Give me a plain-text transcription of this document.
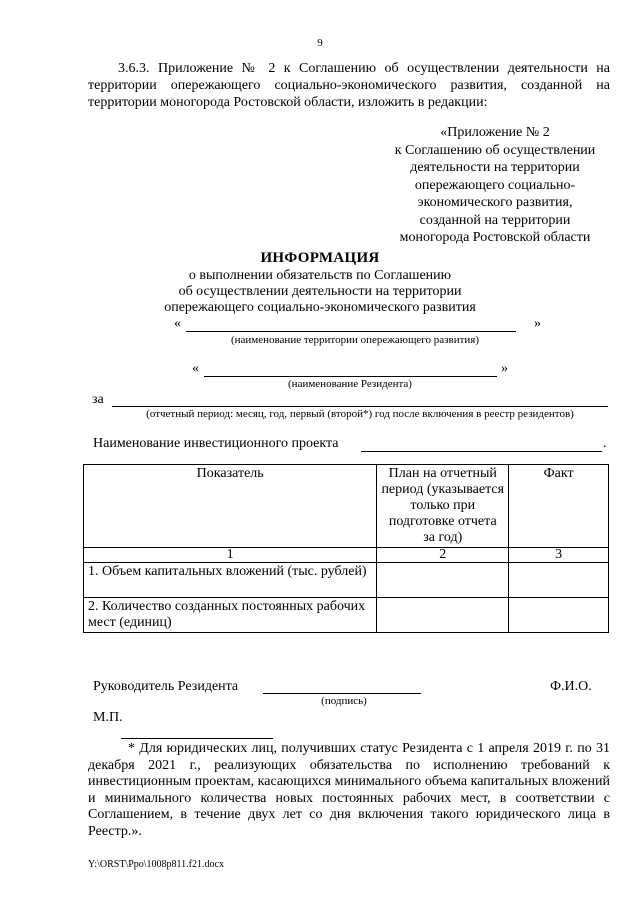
9
3.6.3. Приложение № 2 к Соглашению об осуществлении деятельности на территории опережающего социально-экономического развития, созданной на территории моногорода Ростовской области, изложить в редакции:
«Приложение № 2
к Соглашению об осуществлении
деятельности на территории
опережающего социально-
экономического развития,
созданной на территории
моногорода Ростовской области
ИНФОРМАЦИЯ
о выполнении обязательств по Соглашению
об осуществлении деятельности на территории
опережающего социально-экономического развития
«	»
(наименование территории опережающего развития)
«	»
(наименование Резидента)
за
(отчетный период: месяц, год, первый (второй*) год после включения в реестр резидентов)
Наименование инвестиционного проекта	.
Показатель	План на отчетный период (указывается только при подготовке отчета за год)	Факт
1	2	3
1. Объем капитальных вложений (тыс. рублей)		
2. Количество созданных постоянных рабочих мест (единиц)		
Руководитель Резидента	Ф.И.О.
(подпись)
М.П.
* Для юридических лиц, получивших статус Резидента с 1 апреля 2019 г. по 31 декабря 2021 г., реализующих обязательства по исполнению требований к инвестиционным проектам, касающихся минимального объема капитальных вложений и минимального количества новых постоянных рабочих мест, в соответствии с Соглашением, в течение двух лет со дня включения такого юридического лица в Реестр.».
Y:\ORST\Ppo\1008p811.f21.docx
